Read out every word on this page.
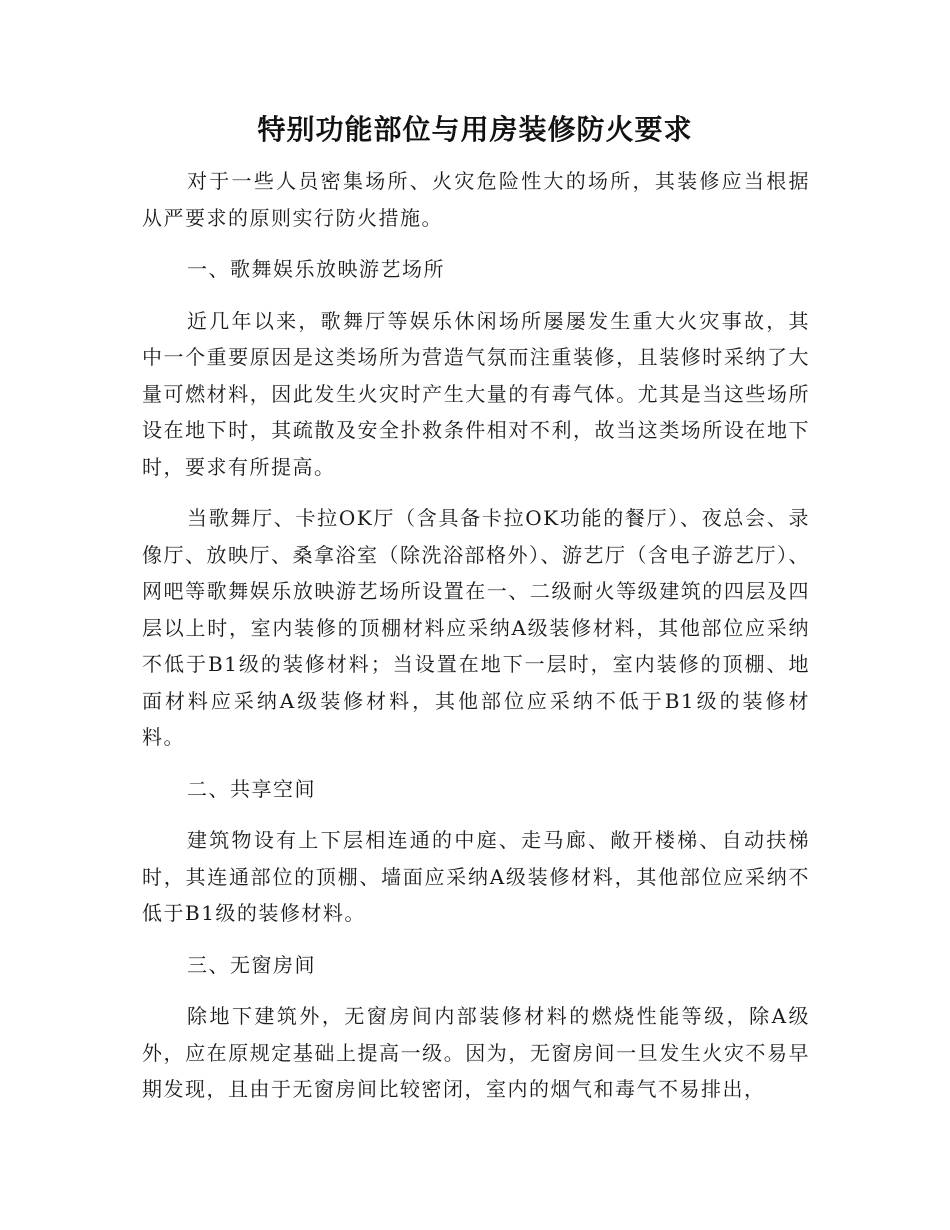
特别功能部位与用房装修防火要求

对于一些人员密集场所、火灾危险性大的场所，其装修应当根据从严要求的原则实行防火措施。

一、歌舞娱乐放映游艺场所

近几年以来，歌舞厅等娱乐休闲场所屡屡发生重大火灾事故，其中一个重要原因是这类场所为营造气氛而注重装修，且装修时采纳了大量可燃材料，因此发生火灾时产生大量的有毒气体。尤其是当这些场所设在地下时，其疏散及安全扑救条件相对不利，故当这类场所设在地下时，要求有所提高。

当歌舞厅、卡拉OK厅（含具备卡拉OK功能的餐厅）、夜总会、录像厅、放映厅、桑拿浴室（除洗浴部格外）、游艺厅（含电子游艺厅）、网吧等歌舞娱乐放映游艺场所设置在一、二级耐火等级建筑的四层及四层以上时，室内装修的顶棚材料应采纳A级装修材料，其他部位应采纳不低于B1级的装修材料；当设置在地下一层时，室内装修的顶棚、地面材料应采纳A级装修材料，其他部位应采纳不低于B1级的装修材料。

二、共享空间

建筑物设有上下层相连通的中庭、走马廊、敞开楼梯、自动扶梯时，其连通部位的顶棚、墙面应采纳A级装修材料，其他部位应采纳不低于B1级的装修材料。

三、无窗房间

除地下建筑外，无窗房间内部装修材料的燃烧性能等级，除A级外，应在原规定基础上提高一级。因为，无窗房间一旦发生火灾不易早期发现，且由于无窗房间比较密闭，室内的烟气和毒气不易排出，
